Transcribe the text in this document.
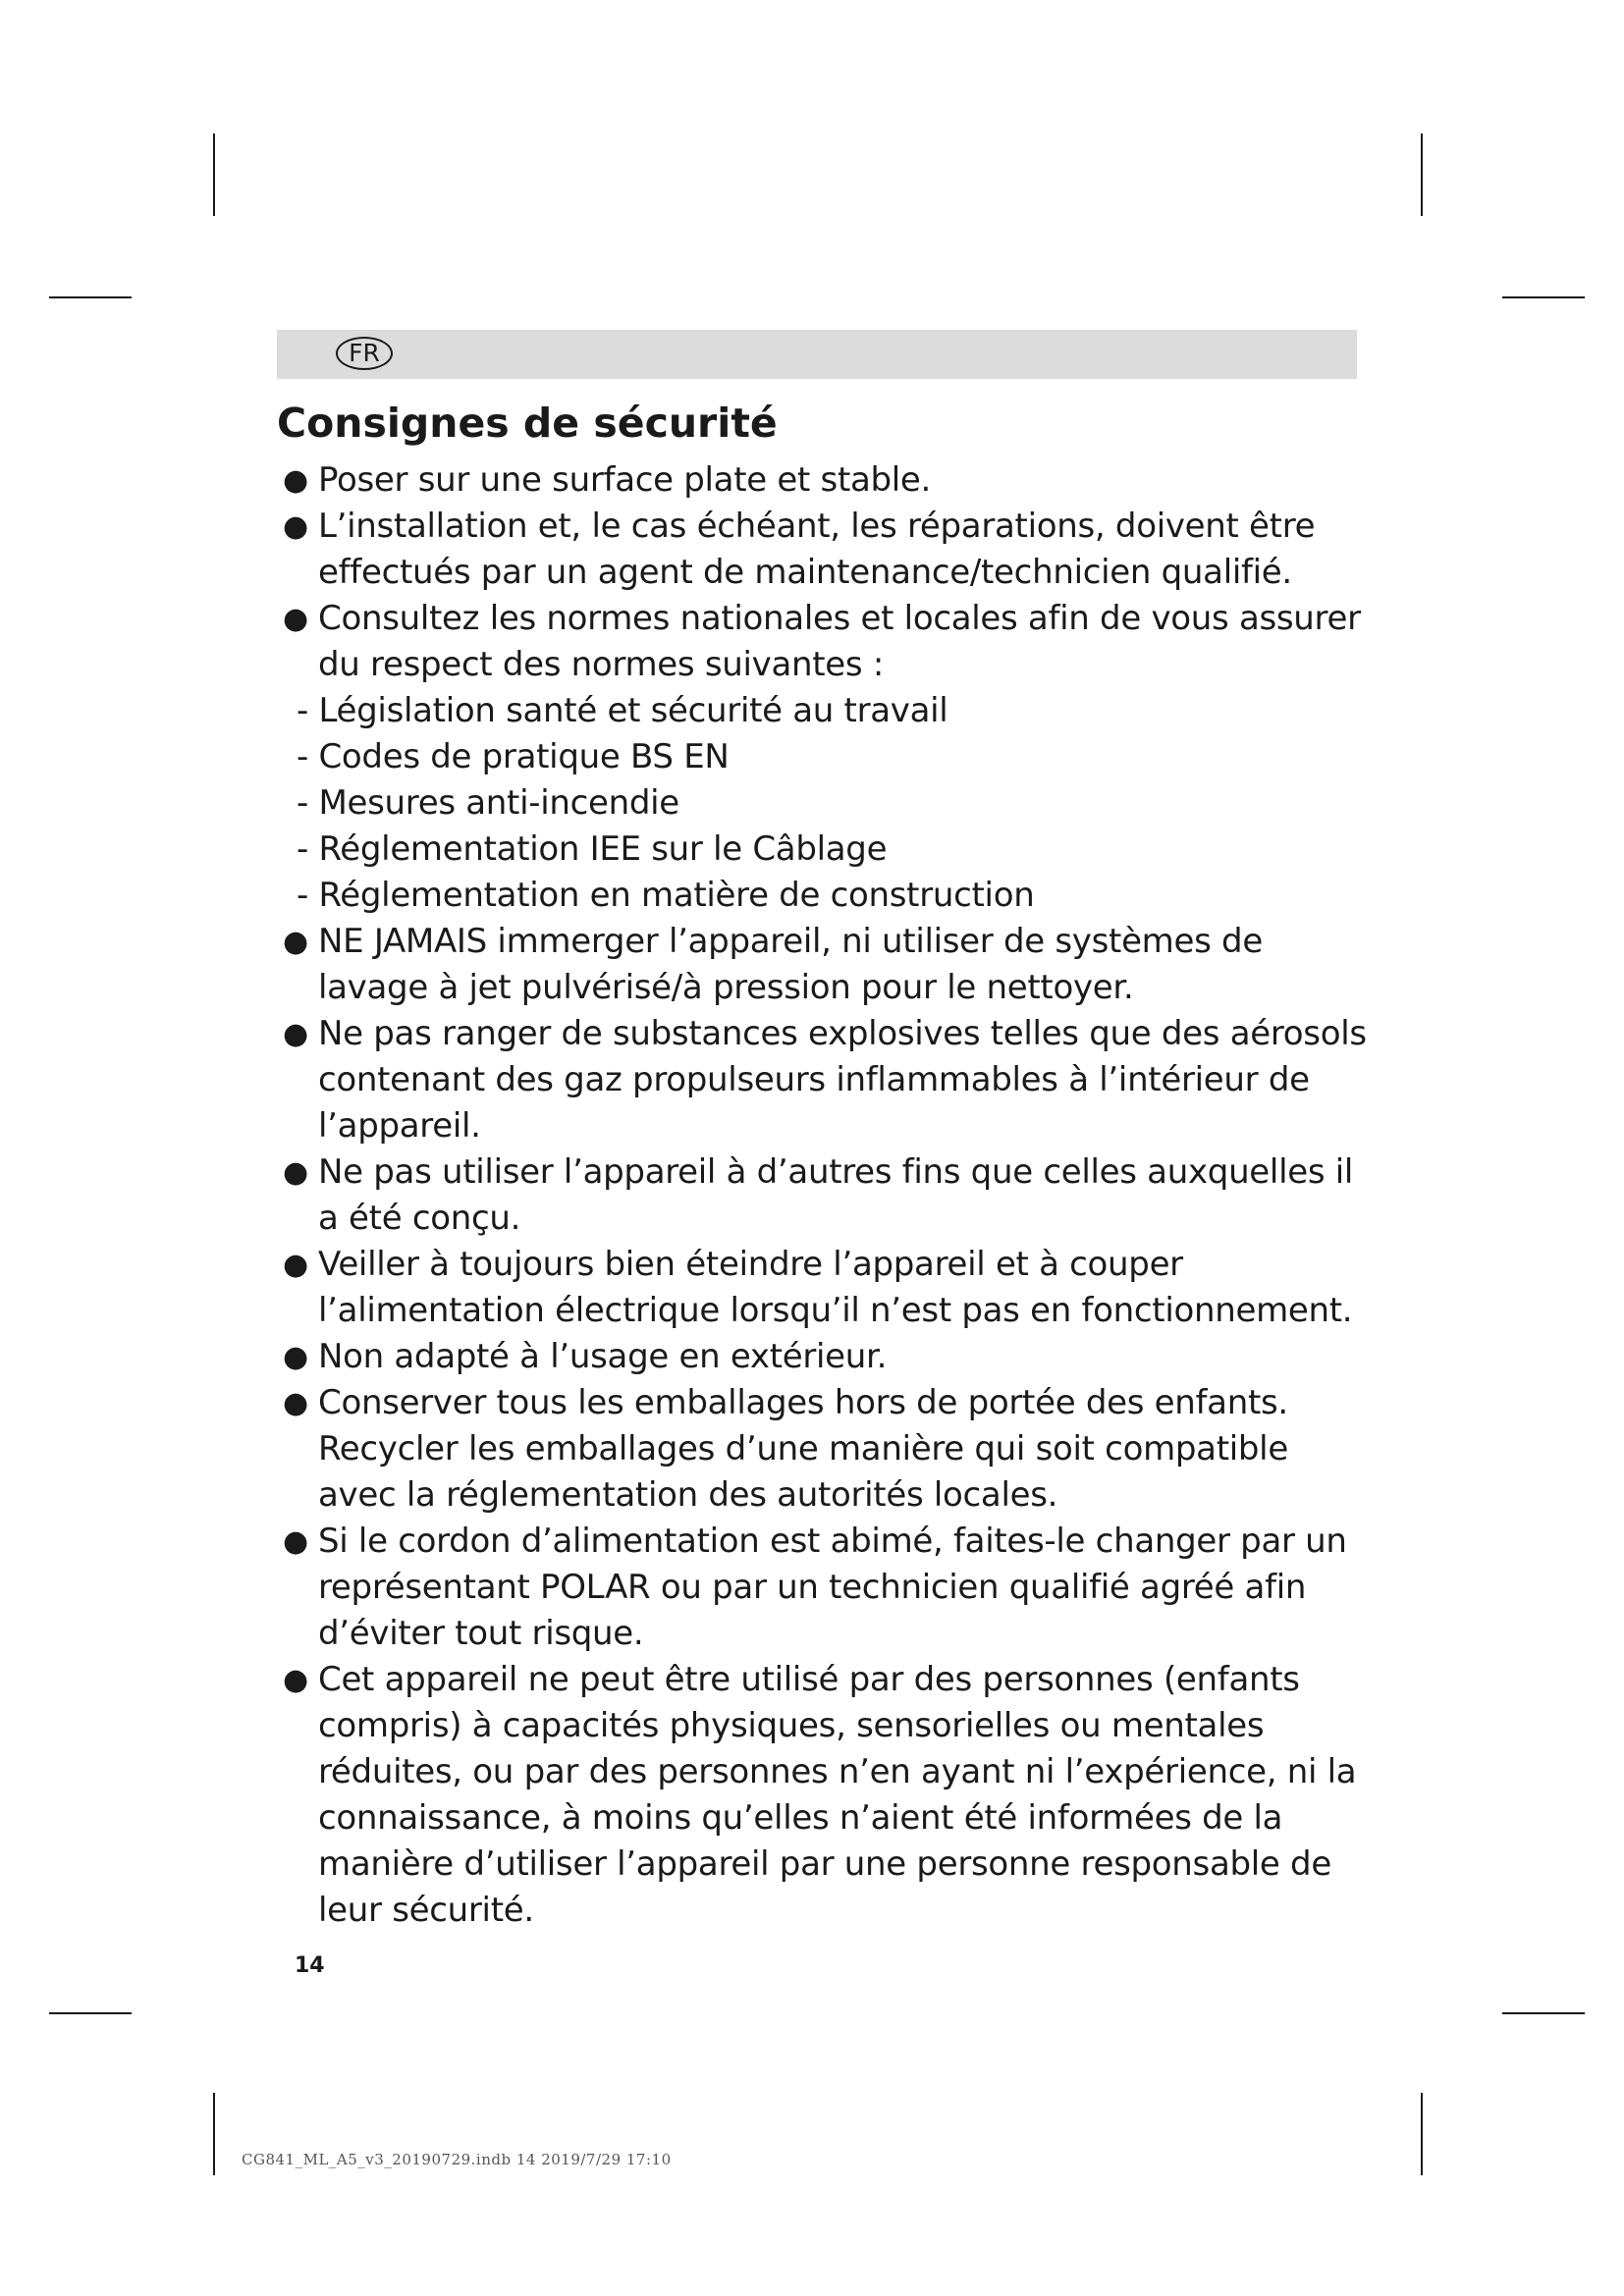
FR
Consignes de sécurité
● Poser sur une surface plate et stable.
● L’installation et, le cas échéant, les réparations, doivent être effectués par un agent de maintenance/technicien qualifié.
● Consultez les normes nationales et locales afin de vous assurer du respect des normes suivantes :
- Législation santé et sécurité au travail
- Codes de pratique BS EN
- Mesures anti-incendie
- Réglementation IEE sur le Câblage
- Réglementation en matière de construction
● NE JAMAIS immerger l’appareil, ni utiliser de systèmes de lavage à jet pulvérisé/à pression pour le nettoyer.
● Ne pas ranger de substances explosives telles que des aérosols contenant des gaz propulseurs inflammables à l’intérieur de l’appareil.
● Ne pas utiliser l’appareil à d’autres fins que celles auxquelles il a été conçu.
● Veiller à toujours bien éteindre l’appareil et à couper l’alimentation électrique lorsqu’il n’est pas en fonctionnement.
● Non adapté à l’usage en extérieur.
● Conserver tous les emballages hors de portée des enfants. Recycler les emballages d’une manière qui soit compatible avec la réglementation des autorités locales.
● Si le cordon d’alimentation est abimé, faites-le changer par un représentant POLAR ou par un technicien qualifié agréé afin d’éviter tout risque.
● Cet appareil ne peut être utilisé par des personnes (enfants compris) à capacités physiques, sensorielles ou mentales réduites, ou par des personnes n’en ayant ni l’expérience, ni la connaissance, à moins qu’elles n’aient été informées de la manière d’utiliser l’appareil par une personne responsable de leur sécurité.
14
CG841_ML_A5_v3_20190729.indb 14 2019/7/29 17:10
